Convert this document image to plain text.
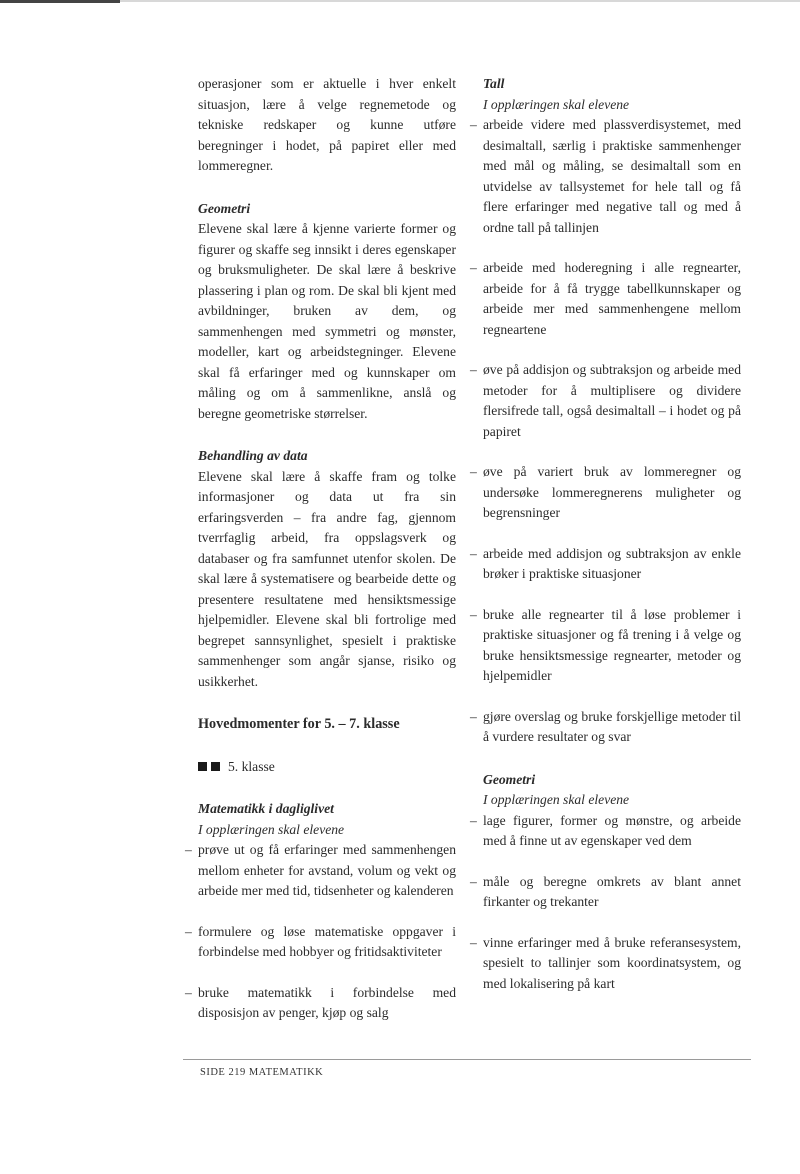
operasjoner som er aktuelle i hver enkelt situasjon, lære å velge regnemetode og tekniske redskaper og kunne utføre beregninger i hodet, på papiret eller med lommeregner.

Geometri

Elevene skal lære å kjenne varierte former og figurer og skaffe seg innsikt i deres egenskaper og bruksmuligheter. De skal lære å beskrive plassering i plan og rom. De skal bli kjent med avbildninger, bruken av dem, og sammenhengen med symmetri og mønster, modeller, kart og arbeidstegninger. Elevene skal få erfaringer med og kunnskaper om måling og om å sammenlikne, anslå og beregne geometriske størrelser.

Behandling av data

Elevene skal lære å skaffe fram og tolke informasjoner og data ut fra sin erfaringsverden – fra andre fag, gjennom tverrfaglig arbeid, fra oppslagsverk og databaser og fra samfunnet utenfor skolen. De skal lære å systematisere og bearbeide dette og presentere resultatene med hensiktsmessige hjelpemidler. Elevene skal bli fortrolige med begrepet sannsynlighet, spesielt i praktiske sammenhenger som angår sjanse, risiko og usikkerhet.

Hovedmomenter for 5. – 7. klasse
5. klasse
Matematikk i dagliglivet
I opplæringen skal elevene
– prøve ut og få erfaringer med sammenhengen mellom enheter for avstand, volum og vekt og arbeide mer med tid, tidsenheter og kalenderen
– formulere og løse matematiske oppgaver i forbindelse med hobbyer og fritidsaktiviteter
– bruke matematikk i forbindelse med disposisjon av penger, kjøp og salg
Tall
I opplæringen skal elevene
– arbeide videre med plassverdisystemet, med desimaltall, særlig i praktiske sammenhenger med mål og måling, se desimaltall som en utvidelse av tallsystemet for hele tall og få flere erfaringer med negative tall og med å ordne tall på tallinjen
– arbeide med hoderegning i alle regnearter, arbeide for å få trygge tabellkunnskaper og arbeide mer med sammenhengene mellom regneartene
– øve på addisjon og subtraksjon og arbeide med metoder for å multiplisere og dividere flersifrede tall, også desimaltall – i hodet og på papiret
– øve på variert bruk av lommeregner og undersøke lommeregnerens muligheter og begrensninger
– arbeide med addisjon og subtraksjon av enkle brøker i praktiske situasjoner
– bruke alle regnearter til å løse problemer i praktiske situasjoner og få trening i å velge og bruke hensiktsmessige regnearter, metoder og hjelpemidler
– gjøre overslag og bruke forskjellige metoder til å vurdere resultater og svar
Geometri
I opplæringen skal elevene
– lage figurer, former og mønstre, og arbeide med å finne ut av egenskaper ved dem
– måle og beregne omkrets av blant annet firkanter og trekanter
– vinne erfaringer med å bruke referansesystem, spesielt to tallinjer som koordinatsystem, og med lokalisering på kart
SIDE 219 MATEMATIKK
